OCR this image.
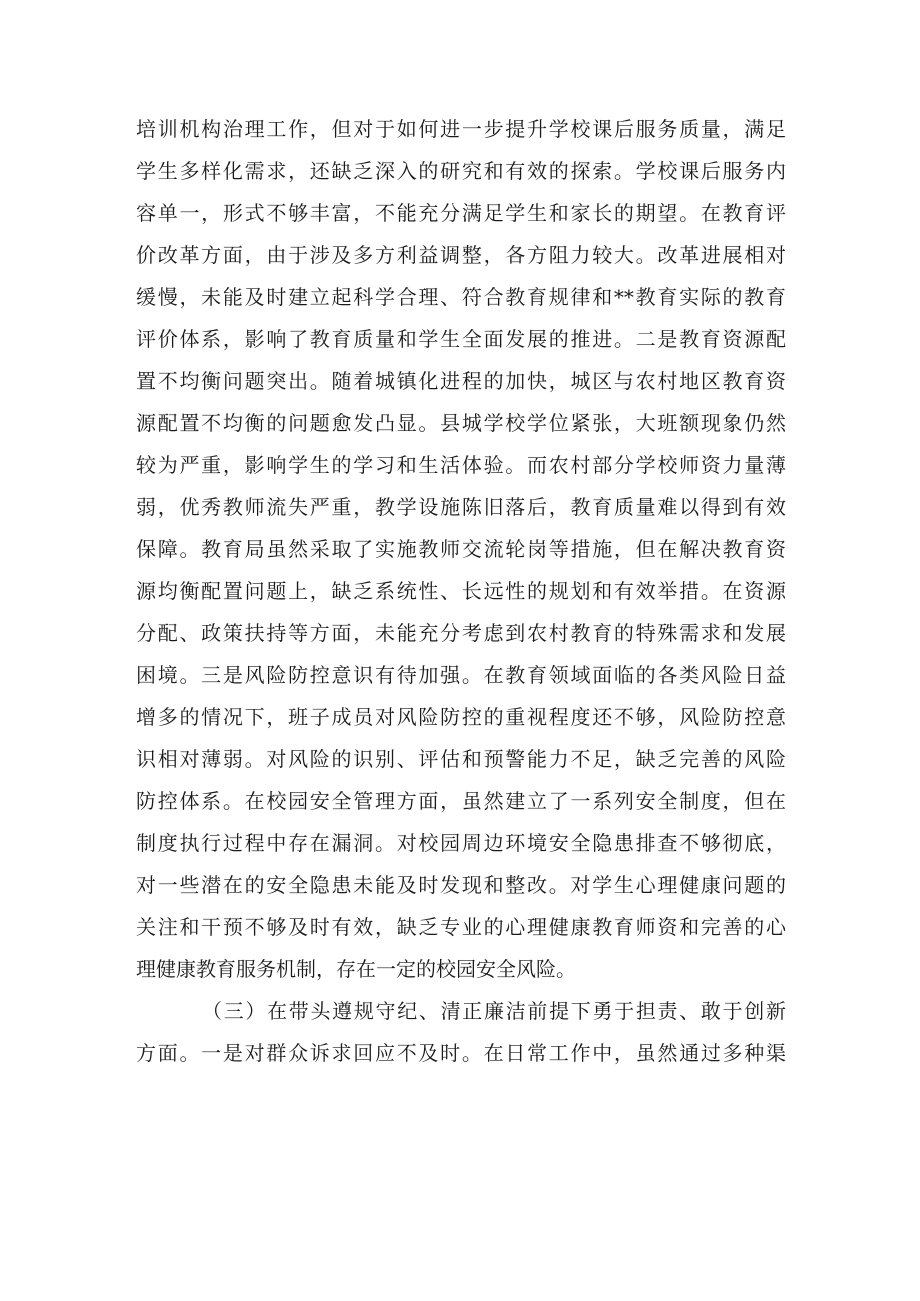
培训机构治理工作，但对于如何进一步提升学校课后服务质量，满足
学生多样化需求，还缺乏深入的研究和有效的探索。学校课后服务内
容单一，形式不够丰富，不能充分满足学生和家长的期望。在教育评
价改革方面，由于涉及多方利益调整，各方阻力较大。改革进展相对
缓慢，未能及时建立起科学合理、符合教育规律和**教育实际的教育
评价体系，影响了教育质量和学生全面发展的推进。二是教育资源配
置不均衡问题突出。随着城镇化进程的加快，城区与农村地区教育资
源配置不均衡的问题愈发凸显。县城学校学位紧张，大班额现象仍然
较为严重，影响学生的学习和生活体验。而农村部分学校师资力量薄
弱，优秀教师流失严重，教学设施陈旧落后，教育质量难以得到有效
保障。教育局虽然采取了实施教师交流轮岗等措施，但在解决教育资
源均衡配置问题上，缺乏系统性、长远性的规划和有效举措。在资源
分配、政策扶持等方面，未能充分考虑到农村教育的特殊需求和发展
困境。三是风险防控意识有待加强。在教育领域面临的各类风险日益
增多的情况下，班子成员对风险防控的重视程度还不够，风险防控意
识相对薄弱。对风险的识别、评估和预警能力不足，缺乏完善的风险
防控体系。在校园安全管理方面，虽然建立了一系列安全制度，但在
制度执行过程中存在漏洞。对校园周边环境安全隐患排查不够彻底，
对一些潜在的安全隐患未能及时发现和整改。对学生心理健康问题的
关注和干预不够及时有效，缺乏专业的心理健康教育师资和完善的心
理健康教育服务机制，存在一定的校园安全风险。
（三）在带头遵规守纪、清正廉洁前提下勇于担责、敢于创新
方面。一是对群众诉求回应不及时。在日常工作中，虽然通过多种渠
